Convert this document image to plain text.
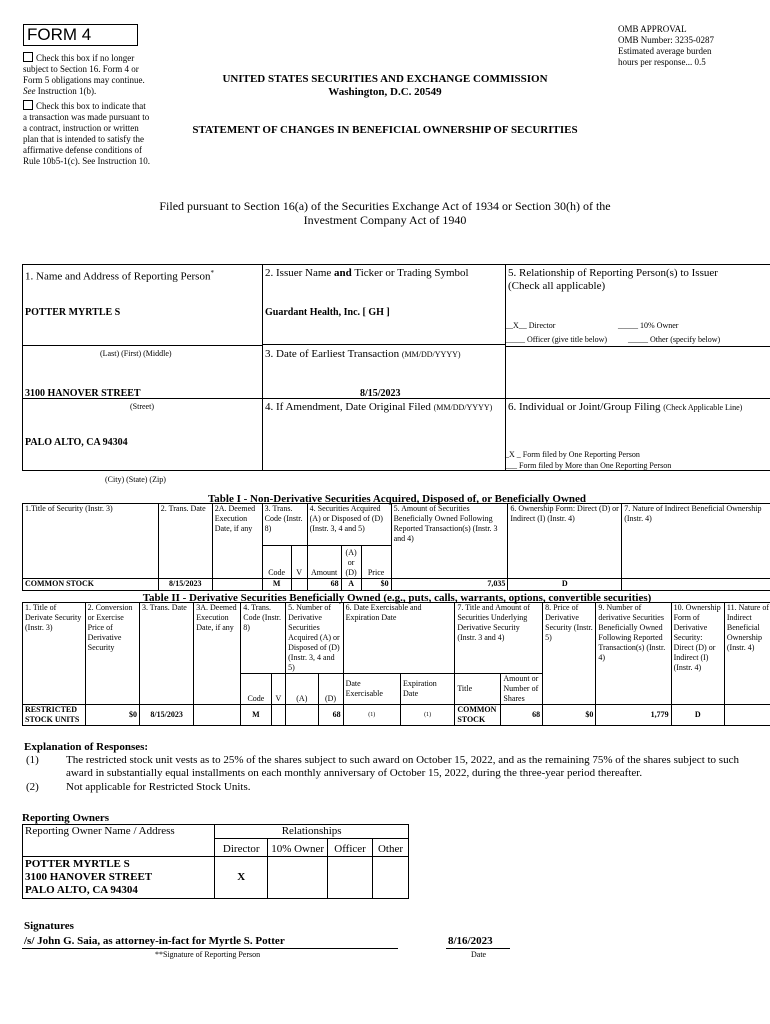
FORM 4
Check this box if no longer subject to Section 16. Form 4 or Form 5 obligations may continue. See Instruction 1(b).
Check this box to indicate that a transaction was made pursuant to a contract, instruction or written plan that is intended to satisfy the affirmative defense conditions of Rule 10b5-1(c). See Instruction 10.
OMB APPROVAL
OMB Number: 3235-0287
Estimated average burden
hours per response... 0.5
UNITED STATES SECURITIES AND EXCHANGE COMMISSION
Washington, D.C. 20549
STATEMENT OF CHANGES IN BENEFICIAL OWNERSHIP OF SECURITIES
Filed pursuant to Section 16(a) of the Securities Exchange Act of 1934 or Section 30(h) of the Investment Company Act of 1940
1. Name and Address of Reporting Person*
POTTER MYRTLE S
(Last) (First) (Middle)
3100 HANOVER STREET
(Street)
PALO ALTO, CA 94304
(City) (State) (Zip)
2. Issuer Name and Ticker or Trading Symbol
Guardant Health, Inc. [ GH ]
3. Date of Earliest Transaction (MM/DD/YYYY)
8/15/2023
4. If Amendment, Date Original Filed (MM/DD/YYYY)
5. Relationship of Reporting Person(s) to Issuer
(Check all applicable)
__X__ Director	_____ 10% Owner
_____ Officer (give title below)	_____ Other (specify below)
6. Individual or Joint/Group Filing (Check Applicable Line)
_X _ Form filed by One Reporting Person
___ Form filed by More than One Reporting Person
Table I - Non-Derivative Securities Acquired, Disposed of, or Beneficially Owned
1.Title of Security (Instr. 3)	2. Trans. Date	2A. Deemed Execution Date, if any	3. Trans. Code (Instr. 8)		4. Securities Acquired (A) or Disposed of (D) (Instr. 3, 4 and 5)			5. Amount of Securities Beneficially Owned Following Reported Transaction(s) (Instr. 3 and 4)	6. Ownership Form: Direct (D) or Indirect (I) (Instr. 4)	7. Nature of Indirect Beneficial Ownership (Instr. 4)
			Code	V	Amount	(A) or (D)	Price			
COMMON STOCK	8/15/2023		M		68	A	$0	7,035	D	
Table II - Derivative Securities Beneficially Owned (e.g., puts, calls, warrants, options, convertible securities)
1. Title of Derivate Security (Instr. 3)	2. Conversion or Exercise Price of Derivative Security	3. Trans. Date	3A. Deemed Execution Date, if any	4. Trans. Code (Instr. 8)		5. Number of Derivative Securities Acquired (A) or Disposed of (D) (Instr. 3, 4 and 5)		6. Date Exercisable and Expiration Date		7. Title and Amount of Securities Underlying Derivative Security (Instr. 3 and 4)		8. Price of Derivative Security (Instr. 5)	9. Number of derivative Securities Beneficially Owned Following Reported Transaction(s) (Instr. 4)	10. Ownership Form of Derivative Security: Direct (D) or Indirect (I) (Instr. 4)	11. Nature of Indirect Beneficial Ownership (Instr. 4)
				Code	V	(A)	(D)	Date Exercisable	Expiration Date	Title	Amount or Number of Shares				
RESTRICTED STOCK UNITS	$0	8/15/2023		M			68	(1)	(1)	COMMON STOCK	68	$0	1,779	D	
Explanation of Responses:
(1) The restricted stock unit vests as to 25% of the shares subject to such award on October 15, 2022, and as the remaining 75% of the shares subject to such award in substantially equal installments on each monthly anniversary of October 15, 2022, during the three-year period thereafter.
(2) Not applicable for Restricted Stock Units.
Reporting Owners
Reporting Owner Name / Address	Relationships			
	Director	10% Owner	Officer	Other

POTTER MYRTLE S
3100 HANOVER STREET
PALO ALTO, CA 94304	X			
Signatures
/s/ John G. Saia, as attorney-in-fact for Myrtle S. Potter	8/16/2023
**Signature of Reporting Person	Date
